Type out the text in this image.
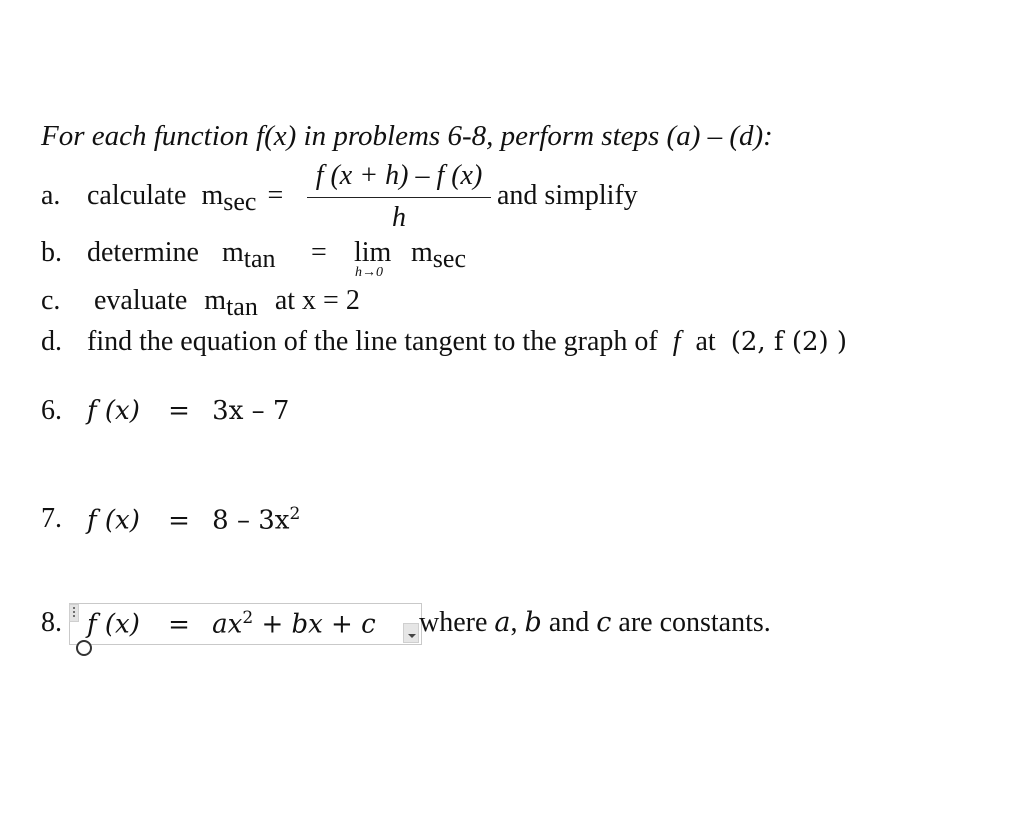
For each function f(x) in problems 6-8, perform steps (a) – (d):
a. calculate msec =
f (x + h) – f (x)
h
and simplify
b. determine mtan = lim
h→0
msec
c. evaluate mtan at x = 2
d. find the equation of the line tangent to the graph of f at (2, f (2) )
6. f (x) = 3x – 7
7. f $(x) = 8 - 3x^2$
8. f $(x) = ax^2$ + bx + c where a, b and c are constants.
